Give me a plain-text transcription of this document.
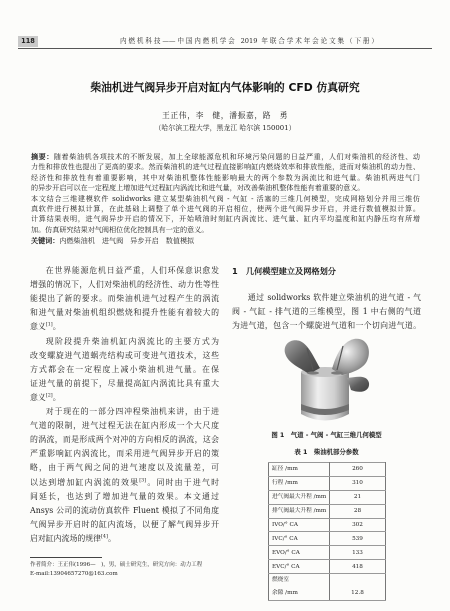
118	内燃机科技——中国内燃机学会 2019 年联合学术年会论文集（下册）
柴油机进气阀异步开启对缸内气体影响的 CFD 仿真研究
王正伟，李　健，潘振嘉，路　勇
（哈尔滨工程大学，黑龙江 哈尔滨 150001）
摘要：随着柴油机各项技术的不断发展，加上全球能源危机和环境污染问题的日益严重，人们对柴油机的经济性、动
力性和排放性也提出了更高的要求。然而柴油机的进气过程直接影响缸内燃烧效率和排放性能，进而对柴油机的动力性、
经济性和排放性有着重要影响，其中对柴油机整体性能影响最大的两个参数为涡流比和进气量。柴油机两进气门
的异步开启可以在一定程度上增加进气过程缸内涡流比和进气量，对改善柴油机整体性能有着重要的意义。
本文结合三维建模软件 solidworks 建立某型柴油机气阀 - 气缸 - 活塞的三维几何模型，完成网格划分并用三维仿
真软件进行模拟计算，在此基础上调整了单个进气阀的开启相位，使两个进气阀异步开启，并进行数值模拟计算。
计算结果表明，进气阀异步开启的情况下，开始喷油时刻缸内涡流比、进气量、缸内平均温度和缸内静压均有所增
加。仿真研究结果对气阀相位优化控制具有一定的意义。
关键词：内燃柴油机　进气阀　异步开启　数值模拟
在世界能源危机日益严重，人们环保意识愈发
增强的情况下，人们对柴油机的经济性、动力性等性
能提出了新的要求。而柴油机进气过程产生的涡流
和进气量对柴油机组织燃烧和提升性能有着较大的
意义[1]。
现阶段提升柴油机缸内涡流比的主要方式为
改变螺旋进气道蜗壳结构或可变进气道技术，这些
方式都会在一定程度上减小柴油机进气量。在保
证进气量的前提下，尽量提高缸内涡流比具有重大
意义[2]。
对于现在的一部分四冲程柴油机来讲，由于进
气道的限制，进气过程无法在缸内形成一个大尺度
的涡流，而是形成两个对冲的方向相反的涡流，这会
严重影响缸内涡流比，而采用进气阀异步开启的策
略，由于两气阀之间的进气速度以及流量差，可
以达到增加缸内涡流的效果[3]。同时由于进气时
间延长，也达到了增加进气量的效果。本文通过
Ansys 公司的流动仿真软件 Fluent 模拟了不同角度
气阀异步开启时的缸内流场，以便了解气阀异步开
启对缸内流场的规律[4]。
作者简介：王正伟(1996—　)，男，硕士研究生，研究方向：动力工程
E-mail:13904657270@163.com
1　几何模型建立及网格划分
通过 solidworks 软件建立柴油机的进气道 - 气
阀 - 气缸 - 排气道的三维模型，图 1 中右侧的气道
为进气道，包含一个螺旋进气道和一个切向进气道。
图 1　气道 - 气阀 - 气缸三维几何模型
表 1　柴油机部分参数
缸径 /mm	260
行程 /mm	310
进气阀最大升程 /mm	21
排气阀最大升程 /mm	28
IVO/° CA	302
IVC/° CA	539
EVO/° CA	133
EVC/° CA	418

燃烧室
余隙 /mm	12.8
